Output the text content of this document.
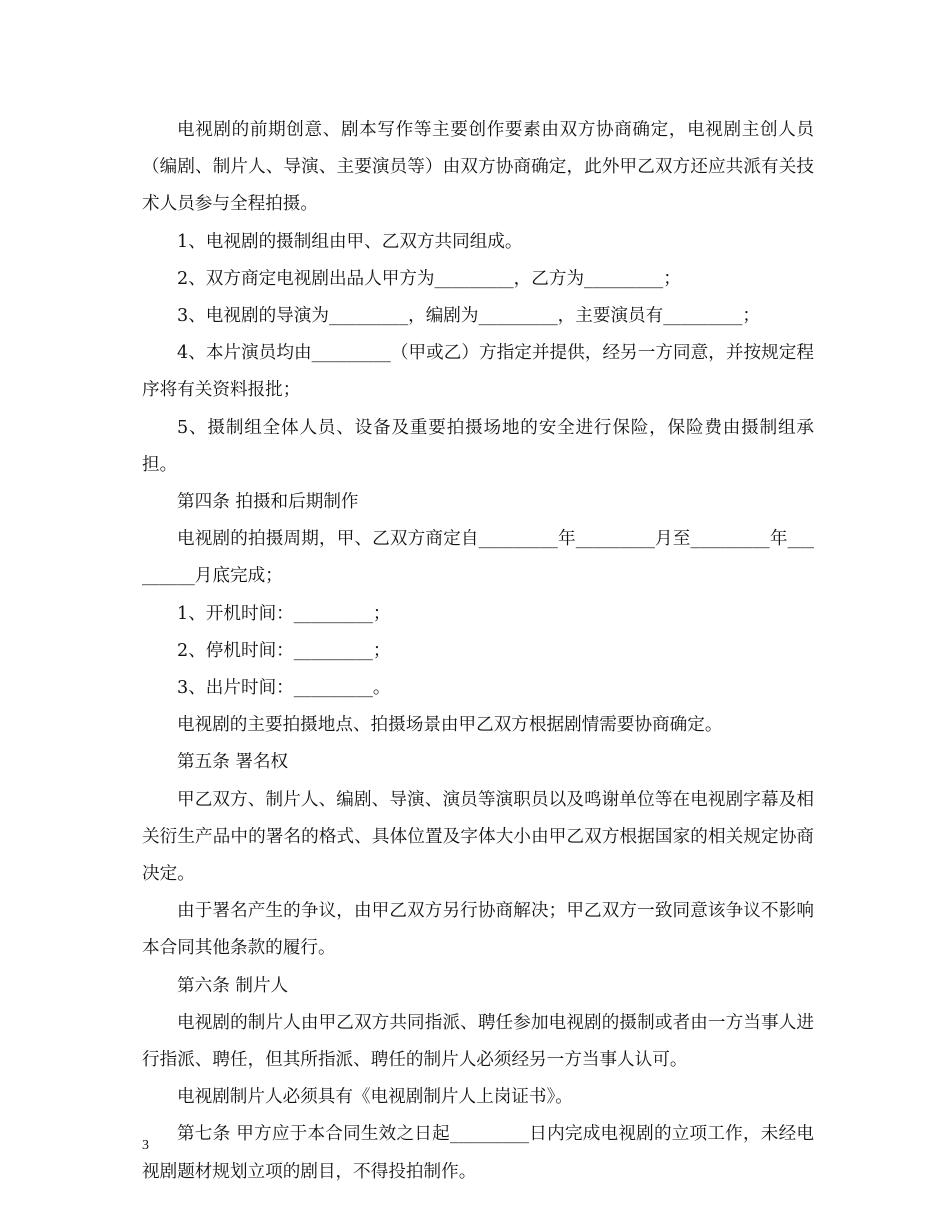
电视剧的前期创意、剧本写作等主要创作要素由双方协商确定，电视剧主创人员（编剧、制片人、导演、主要演员等）由双方协商确定，此外甲乙双方还应共派有关技术人员参与全程拍摄。

1、电视剧的摄制组由甲、乙双方共同组成。

2、双方商定电视剧出品人甲方为_________，乙方为_________；

3、电视剧的导演为_________，编剧为_________，主要演员有_________；

4、本片演员均由_________（甲或乙）方指定并提供，经另一方同意，并按规定程序将有关资料报批；

5、摄制组全体人员、设备及重要拍摄场地的安全进行保险，保险费由摄制组承担。

第四条 拍摄和后期制作

电视剧的拍摄周期，甲、乙双方商定自_________年_________月至_________年_________月底完成；

1、开机时间：_________；

2、停机时间：_________；

3、出片时间：_________。

电视剧的主要拍摄地点、拍摄场景由甲乙双方根据剧情需要协商确定。

第五条 署名权

甲乙双方、制片人、编剧、导演、演员等演职员以及鸣谢单位等在电视剧字幕及相关衍生产品中的署名的格式、具体位置及字体大小由甲乙双方根据国家的相关规定协商决定。

由于署名产生的争议，由甲乙双方另行协商解决；甲乙双方一致同意该争议不影响本合同其他条款的履行。

第六条 制片人

电视剧的制片人由甲乙双方共同指派、聘任参加电视剧的摄制或者由一方当事人进行指派、聘任，但其所指派、聘任的制片人必须经另一方当事人认可。

电视剧制片人必须具有《电视剧制片人上岗证书》。

第七条 甲方应于本合同生效之日起_________日内完成电视剧的立项工作，未经电视剧题材规划立项的剧目，不得投拍制作。

3
